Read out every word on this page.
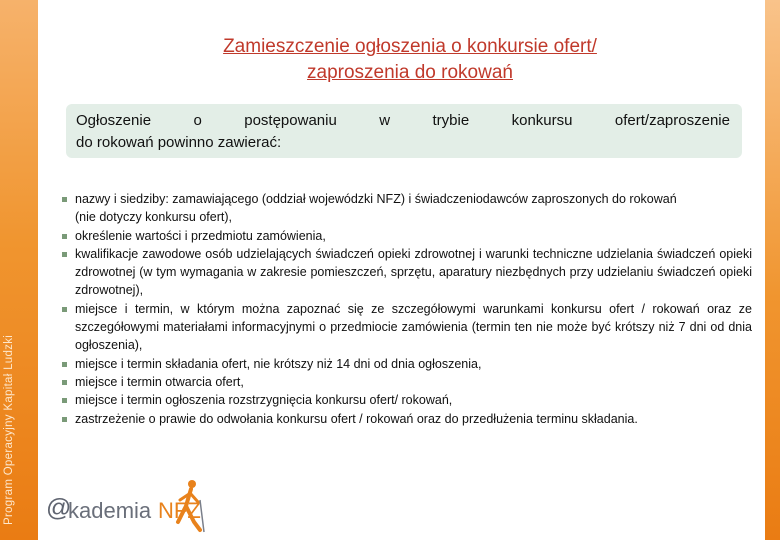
Program Operacyjny Kapitał Ludzki
Zamieszczenie ogłoszenia o konkursie ofert/
zaproszenia do rokowań
Ogłoszenie	o	postępowaniu	w	trybie	konkursu	ofert/zaproszenie
do rokowań powinno zawierać:
nazwy i siedziby: zamawiającego (oddział wojewódzki NFZ) i świadczeniodawców zaproszonych do rokowań
(nie dotyczy konkursu ofert),
określenie wartości i przedmiotu zamówienia,
kwalifikacje zawodowe osób udzielających świadczeń opieki zdrowotnej i warunki techniczne udzielania świadczeń opieki zdrowotnej (w tym wymagania w zakresie pomieszczeń, sprzętu, aparatury niezbędnych przy udzielaniu świadczeń opieki zdrowotnej),
miejsce i termin, w którym można zapoznać się ze szczegółowymi warunkami konkursu ofert / rokowań oraz ze szczegółowymi materiałami informacyjnymi o przedmiocie zamówienia (termin ten nie może być krótszy niż 7 dni od dnia ogłoszenia),
miejsce i termin składania ofert, nie krótszy niż 14 dni od dnia ogłoszenia,
miejsce i termin otwarcia ofert,
miejsce i termin ogłoszenia rozstrzygnięcia konkursu ofert/ rokowań,
zastrzeżenie o prawie do odwołania konkursu ofert / rokowań oraz do przedłużenia terminu składania.
@
kademia NFZ
